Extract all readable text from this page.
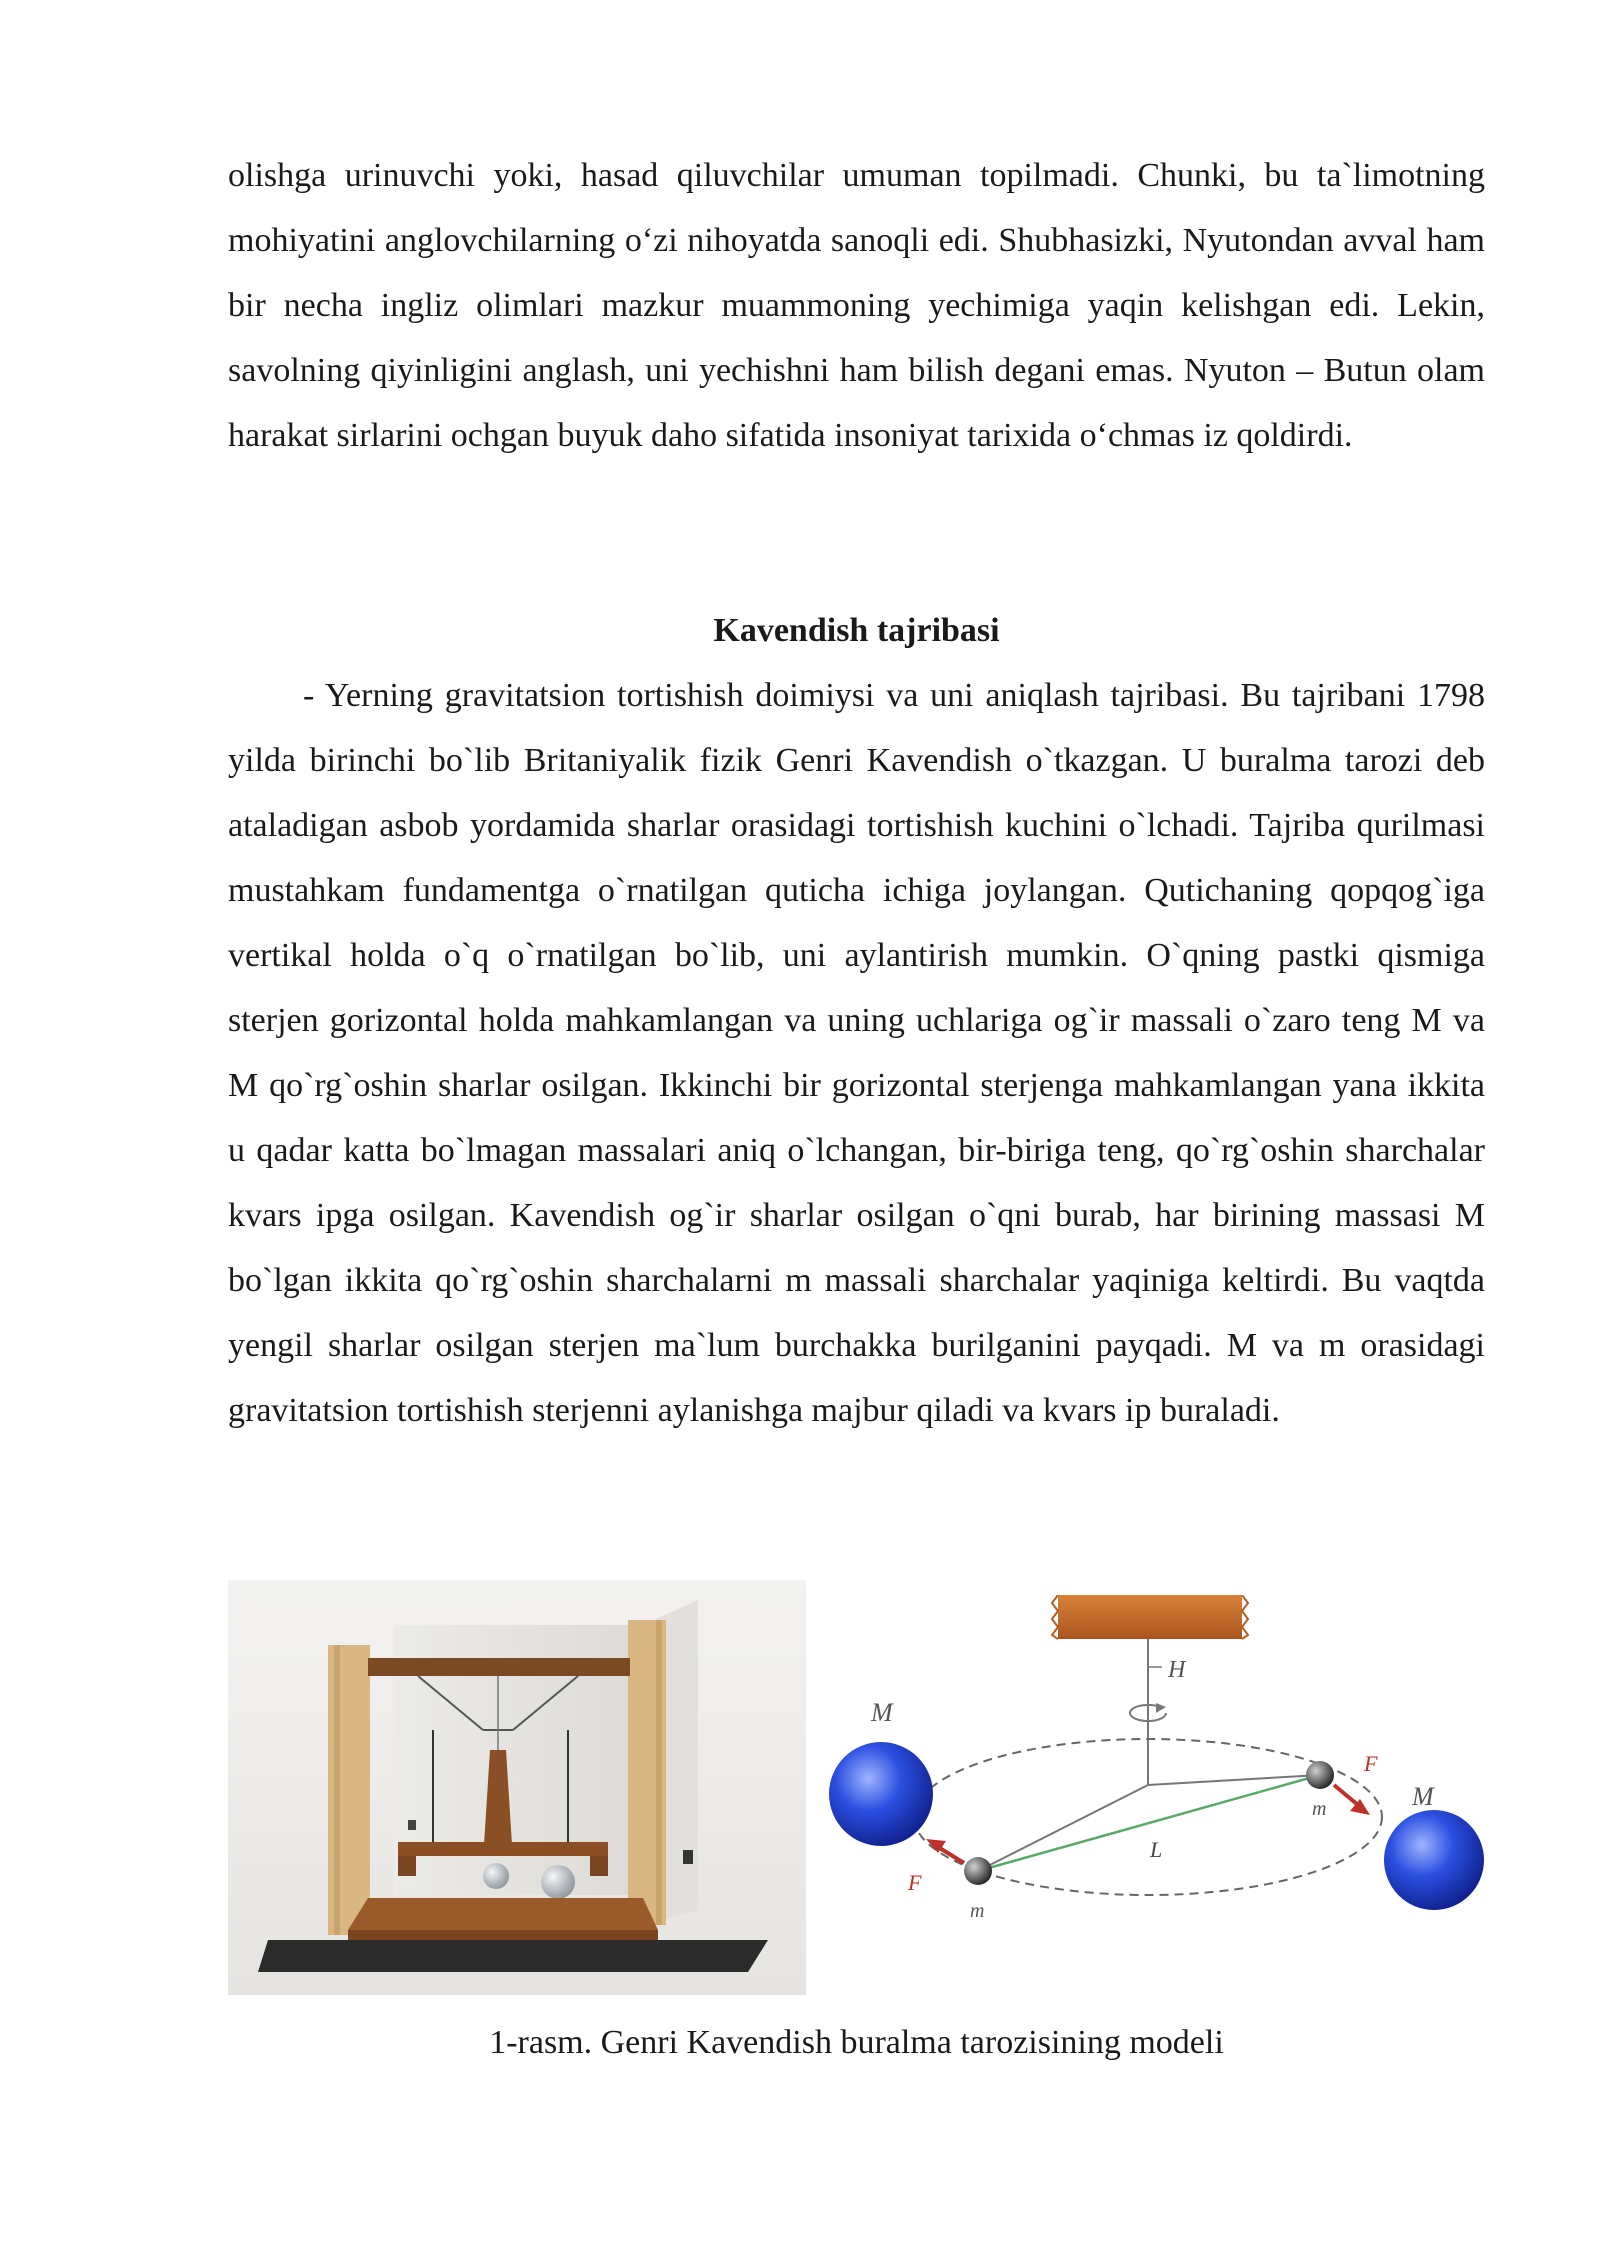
olishga urinuvchi yoki, hasad qiluvchilar umuman topilmadi. Chunki, bu ta`limotning mohiyatini anglovchilarning o‘zi nihoyatda sanoqli edi. Shubhasizki, Nyutondan avval ham bir necha ingliz olimlari mazkur muammoning yechimiga yaqin kelishgan edi. Lekin, savolning qiyinligini anglash, uni yechishni ham bilish degani emas. Nyuton – Butun olam harakat sirlarini ochgan buyuk daho sifatida insoniyat tarixida o‘chmas iz qoldirdi.

Kavendish tajribasi

- Yerning gravitatsion tortishish doimiysi va uni aniqlash tajribasi. Bu tajribani 1798 yilda birinchi bo`lib Britaniyalik fizik Genri Kavendish o`tkazgan. U buralma tarozi deb ataladigan asbob yordamida sharlar orasidagi tortishish kuchini o`lchadi. Tajriba qurilmasi mustahkam fundamentga o`rnatilgan quticha ichiga joylangan. Qutichaning qopqog`iga vertikal holda o`q o`rnatilgan bo`lib, uni aylantirish mumkin. O`qning pastki qismiga sterjen gorizontal holda mahkamlangan va uning uchlariga og`ir massali o`zaro teng M va M qo`rg`oshin sharlar osilgan. Ikkinchi bir gorizontal sterjenga mahkamlangan yana ikkita u qadar katta bo`lmagan massalari aniq o`lchangan, bir-biriga teng, qo`rg`oshin sharchalar kvars ipga osilgan. Kavendish og`ir sharlar osilgan o`qni burab, har birining massasi M bo`lgan ikkita qo`rg`oshin sharchalarni m massali sharchalar yaqiniga keltirdi. Bu vaqtda yengil sharlar osilgan sterjen ma`lum burchakka burilganini payqadi. M va m orasidagi gravitatsion tortishish sterjenni aylanishga majbur qiladi va kvars ip buraladi.

H
L
M
M
m
m
F
F

1-rasm. Genri Kavendish buralma tarozisining modeli
